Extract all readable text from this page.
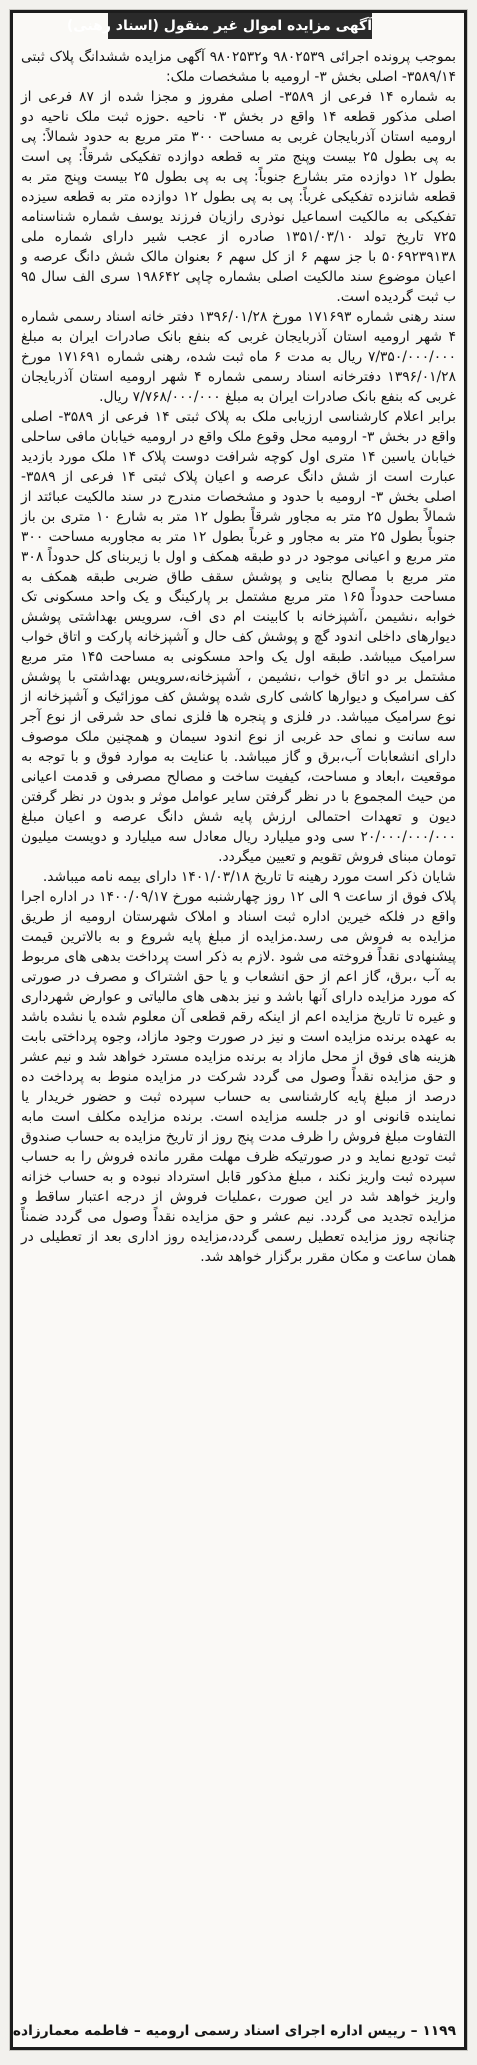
آگهی مزایده اموال غیر منقول (اسناد رهنی)

بموجب پرونده اجرائی ۹۸۰۲۵۳۹ و۹۸۰۲۵۳۲ آگهی مزایده ششدانگ پلاک ثبتی ۳۵۸۹/۱۴- اصلی بخش ۳- ارومیه با مشخصات ملک:

به شماره ۱۴ فرعی از ۳۵۸۹- اصلی مفروز و مجزا شده از ۸۷ فرعی از اصلی مذکور قطعه ۱۴ واقع در بخش ۰۳ ناحیه .حوزه ثبت ملک ناحیه دو ارومیه استان آذربایجان غربی به مساحت ۳۰۰ متر مربع به حدود شمالاً: پی به پی بطول ۲۵ بیست وپنج متر به قطعه دوازده تفکیکی شرقاً: پی است بطول ۱۲ دوازده متر بشارع جنوباً: پی به پی بطول ۲۵ بیست وپنج متر به قطعه شانزده تفکیکی غرباً: پی به پی بطول ۱۲ دوازده متر به قطعه سیزده تفکیکی به مالکیت اسماعیل نوذری رازیان فرزند یوسف شماره شناسنامه ۷۲۵ تاریخ تولد ۱۳۵۱/۰۳/۱۰ صادره از عجب شیر دارای شماره ملی ۵۰۶۹۲۳۹۱۳۸ با جز سهم ۶ از کل سهم ۶ بعنوان مالک شش دانگ عرصه و اعیان موضوع سند مالکیت اصلی بشماره چاپی ۱۹۸۶۴۲ سری الف سال ۹۵ ب ثبت گردیده است.

سند رهنی شماره ۱۷۱۶۹۳ مورخ ۱۳۹۶/۰۱/۲۸ دفتر خانه اسناد رسمی شماره ۴ شهر ارومیه استان آذربایجان غربی که بنفع بانک صادرات ایران به مبلغ ۷/۳۵۰/۰۰۰/۰۰۰ ریال به مدت ۶ ماه ثبت شده، رهنی شماره ۱۷۱۶۹۱ مورخ ۱۳۹۶/۰۱/۲۸ دفترخانه اسناد رسمی شماره ۴ شهر ارومیه استان آذربایجان غربی که بنفع بانک صادرات ایران به مبلغ ۷/۷۶۸/۰۰۰/۰۰۰ ریال.

برابر اعلام کارشناسی ارزیابی ملک به پلاک ثبتی ۱۴ فرعی از ۳۵۸۹- اصلی واقع در بخش ۳- ارومیه محل وقوع ملک واقع در ارومیه خیابان مافی ساحلی خیابان یاسین ۱۴ متری اول کوچه شرافت دوست پلاک ۱۴ ملک مورد بازدید عبارت است از شش دانگ عرصه و اعیان پلاک ثبتی ۱۴ فرعی از ۳۵۸۹- اصلی بخش ۳- ارومیه با حدود و مشخصات مندرج در سند مالکیت عبائتد از شمالاً بطول ۲۵ متر به مجاور شرقاً بطول ۱۲ متر به شارع ۱۰ متری بن باز جنوباً بطول ۲۵ متر به مجاور و غرباً بطول ۱۲ متر به مجاوربه مساحت ۳۰۰ متر مربع و اعیانی موجود در دو طبقه همکف و اول با زیربنای کل حدوداً ۳۰۸ متر مربع با مصالح بنایی و پوشش سقف طاق ضربی طبقه همکف به مساحت حدوداً ۱۶۵ متر مربع مشتمل بر پارکینگ و یک واحد مسکونی تک خوابه ،نشیمن ،آشپزخانه با کابینت ام دی اف، سرویس بهداشتی پوشش دیوارهای داخلی اندود گچ و پوشش کف حال و آشپزخانه پارکت و اتاق خواب سرامیک میباشد. طبقه اول یک واحد مسکونی به مساحت ۱۴۵ متر مربع مشتمل بر دو اتاق خواب ،نشیمن ، آشپزخانه،سرویس بهداشتی با پوشش کف سرامیک و دیوارها کاشی کاری شده پوشش کف موزائیک و آشپزخانه از نوع سرامیک میباشد. در فلزی و پنجره ها فلزی نمای حد شرقی از نوع آجر سه سانت و نمای حد غربی از نوع اندود سیمان و همچنین ملک موصوف دارای انشعابات آب،برق و گاز میباشد. با عنایت به موارد فوق و با توجه به موقعیت ،ابعاد و مساحت، کیفیت ساخت و مصالح مصرفی و قدمت اعیانی من حیث المجموع با در نظر گرفتن سایر عوامل موثر و بدون در نظر گرفتن دیون و تعهدات احتمالی ارزش پایه شش دانگ عرصه و اعیان مبلغ ۲۰/۰۰۰/۰۰۰/۰۰۰ سی ودو میلیارد ریال معادل سه میلیارد و دویست میلیون تومان مبنای فروش تقویم و تعیین میگردد.

شایان ذکر است مورد رهینه تا تاریخ ۱۴۰۱/۰۳/۱۸ دارای بیمه نامه میباشد.

پلاک فوق از ساعت ۹ الی ۱۲ روز چهارشنبه مورخ ۱۴۰۰/۰۹/۱۷ در اداره اجرا واقع در فلکه خیرین اداره ثبت اسناد و املاک شهرستان ارومیه از طریق مزایده به فروش می رسد.مزایده از مبلغ پایه شروع و به بالاترین قیمت پیشنهادی نقداً فروخته می شود .لازم به ذکر است پرداخت بدهی های مربوط به آب ،برق، گاز اعم از حق انشعاب و یا حق اشتراک و مصرف در صورتی که مورد مزایده دارای آنها باشد و نیز بدهی های مالیاتی و عوارض شهرداری و غیره تا تاریخ مزایده اعم از اینکه رقم قطعی آن معلوم شده یا نشده باشد به عهده برنده مزایده است و نیز در صورت وجود مازاد، وجوه پرداختی بابت هزینه های فوق از محل مازاد به برنده مزایده مسترد خواهد شد و نیم عشر و حق مزایده نقداً وصول می گردد شرکت در مزایده منوط به پرداخت ده درصد از مبلغ پایه کارشناسی به حساب سپرده ثبت و حضور خریدار یا نماینده قانونی او در جلسه مزایده است. برنده مزایده مکلف است مابه التفاوت مبلغ فروش را ظرف مدت پنج روز از تاریخ مزایده به حساب صندوق ثبت تودیع نماید و در صورتیکه ظرف مهلت مقرر مانده فروش را به حساب سپرده ثبت واریز نکند ، مبلغ مذکور قابل استرداد نبوده و به حساب خزانه واریز خواهد شد در این صورت ،عملیات فروش از درجه اعتبار ساقط و مزایده تجدید می گردد. نیم عشر و حق مزایده نقداً وصول می گردد ضمناً چنانچه روز مزایده تعطیل رسمی گردد،مزایده روز اداری بعد از تعطیلی در همان ساعت و مکان مقرر برگزار خواهد شد.

۱۱۹۹ – رییس اداره اجرای اسناد رسمی ارومیه – فاطمه معمارزاده
